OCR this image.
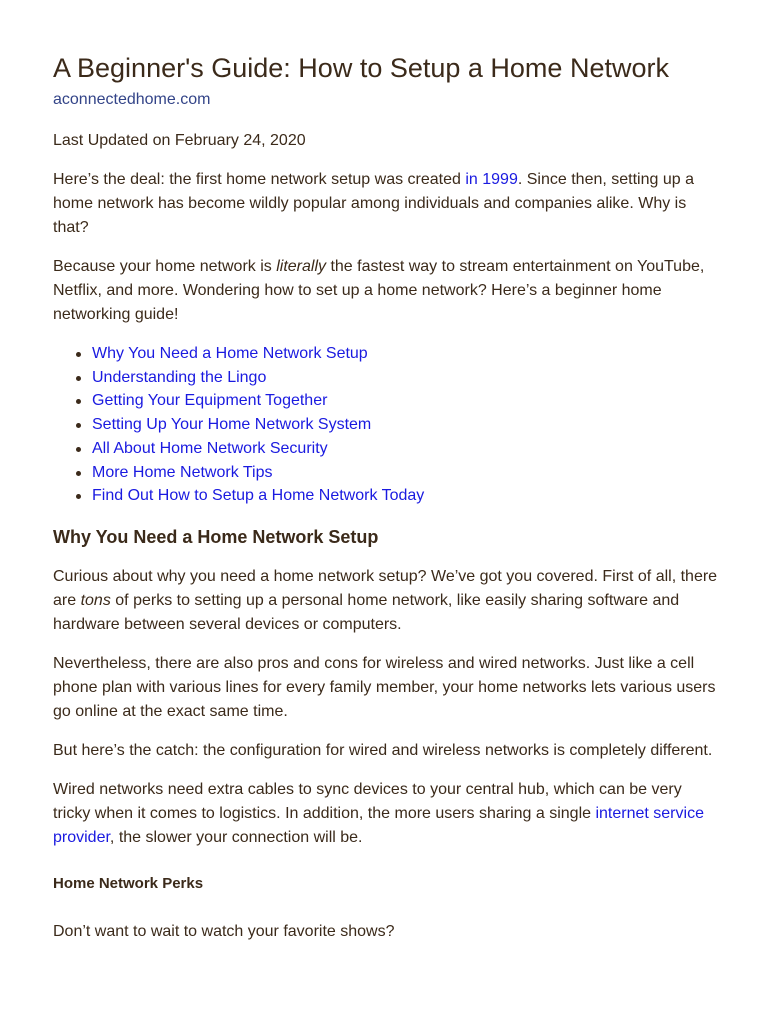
A Beginner's Guide: How to Setup a Home Network
aconnectedhome.com

Last Updated on February 24, 2020

Here’s the deal: the first home network setup was created in 1999. Since then, setting up a home network has become wildly popular among individuals and companies alike. Why is that?

Because your home network is literally the fastest way to stream entertainment on YouTube, Netflix, and more. Wondering how to set up a home network? Here’s a beginner home networking guide!

Why You Need a Home Network Setup
Understanding the Lingo
Getting Your Equipment Together
Setting Up Your Home Network System
All About Home Network Security
More Home Network Tips
Find Out How to Setup a Home Network Today
Why You Need a Home Network Setup

Curious about why you need a home network setup? We’ve got you covered. First of all, there are tons of perks to setting up a personal home network, like easily sharing software and hardware between several devices or computers.

Nevertheless, there are also pros and cons for wireless and wired networks. Just like a cell phone plan with various lines for every family member, your home networks lets various users go online at the exact same time.

But here’s the catch: the configuration for wired and wireless networks is completely different.

Wired networks need extra cables to sync devices to your central hub, which can be very tricky when it comes to logistics. In addition, the more users sharing a single internet service provider, the slower your connection will be.

Home Network Perks

Don’t want to wait to watch your favorite shows?
